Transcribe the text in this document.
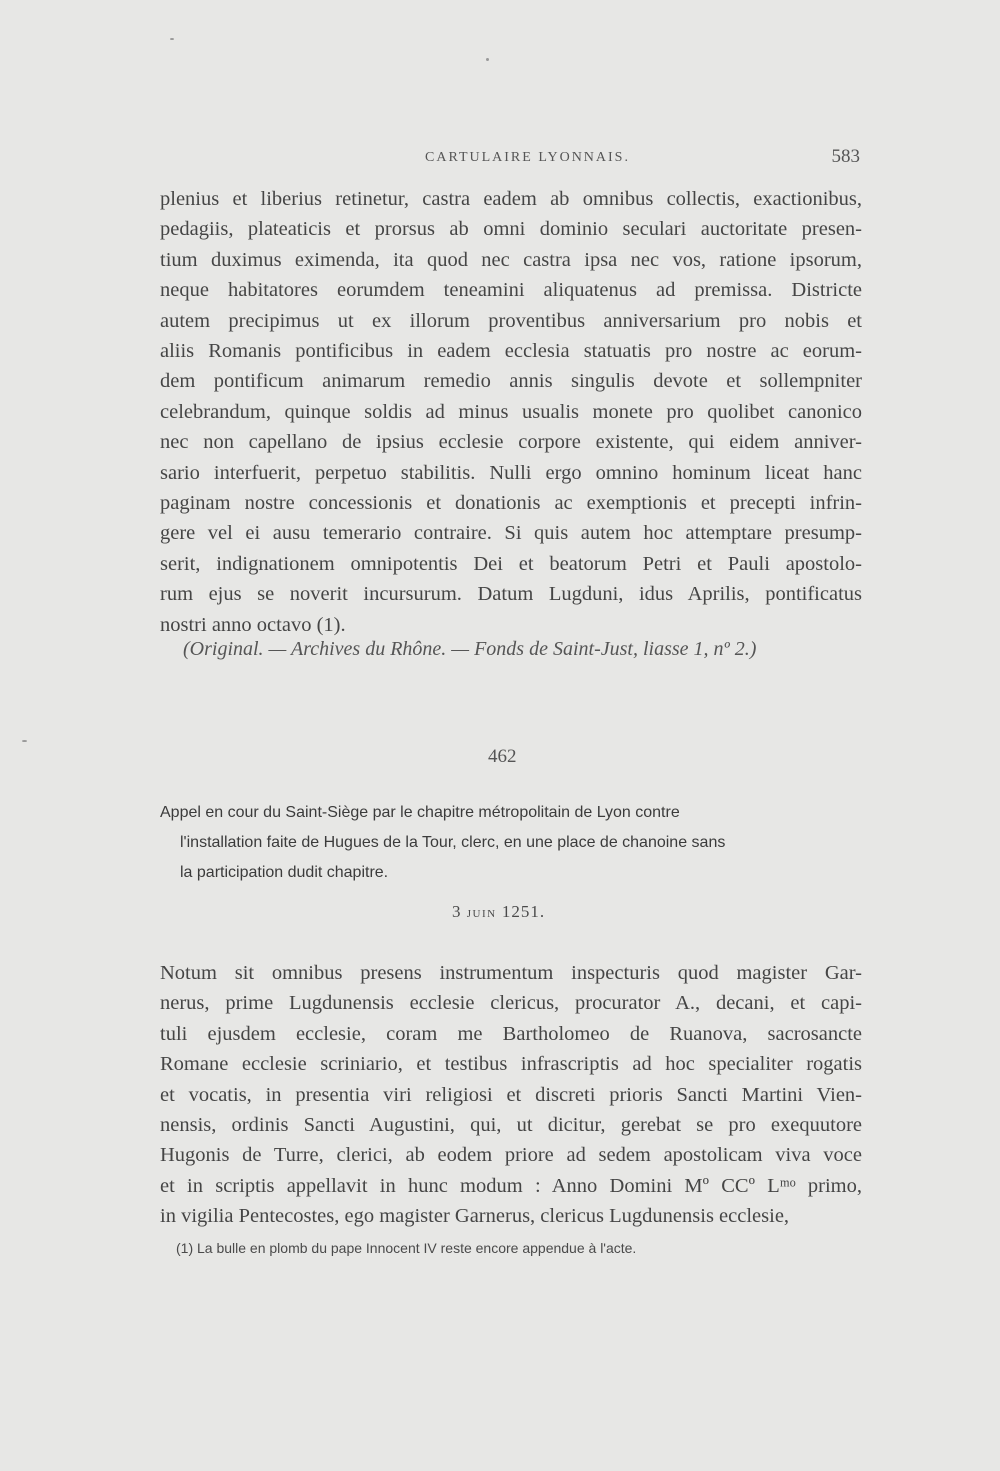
CARTULAIRE LYONNAIS.	583
plenius et liberius retinetur, castra eadem ab omnibus collectis, exactionibus,
pedagiis, plateaticis et prorsus ab omni dominio seculari auctoritate presen-
tium duximus eximenda, ita quod nec castra ipsa nec vos, ratione ipsorum,
neque habitatores eorumdem teneamini aliquatenus ad premissa. Districte
autem precipimus ut ex illorum proventibus anniversarium pro nobis et
aliis Romanis pontificibus in eadem ecclesia statuatis pro nostre ac eorum-
dem pontificum animarum remedio annis singulis devote et sollempniter
celebrandum, quinque soldis ad minus usualis monete pro quolibet canonico
nec non capellano de ipsius ecclesie corpore existente, qui eidem anniver-
sario interfuerit, perpetuo stabilitis. Nulli ergo omnino hominum liceat hanc
paginam nostre concessionis et donationis ac exemptionis et precepti infrin-
gere vel ei ausu temerario contraire. Si quis autem hoc attemptare presump-
serit, indignationem omnipotentis Dei et beatorum Petri et Pauli apostolo-
rum ejus se noverit incursurum. Datum Lugduni, idus Aprilis, pontificatus
nostri anno octavo (1).
(Original. — Archives du Rhône. — Fonds de Saint-Just, liasse 1, nº 2.)
462
Appel en cour du Saint-Siège par le chapitre métropolitain de Lyon contre
l'installation faite de Hugues de la Tour, clerc, en une place de chanoine sans
la participation dudit chapitre.
3 JUIN 1251.
Notum sit omnibus presens instrumentum inspecturis quod magister Gar-
nerus, prime Lugdunensis ecclesie clericus, procurator A., decani, et capi-
tuli ejusdem ecclesie, coram me Bartholomeo de Ruanova, sacrosancte
Romane ecclesie scriniario, et testibus infrascriptis ad hoc specialiter rogatis
et vocatis, in presentia viri religiosi et discreti prioris Sancti Martini Vien-
nensis, ordinis Sancti Augustini, qui, ut dicitur, gerebat se pro exequutore
Hugonis de Turre, clerici, ab eodem priore ad sedem apostolicam viva voce
et in scriptis appellavit in hunc modum : Anno Domini Mº CCº Lᵐᵒ primo,
in vigilia Pentecostes, ego magister Garnerus, clericus Lugdunensis ecclesie,
(1) La bulle en plomb du pape Innocent IV reste encore appendue à l'acte.
